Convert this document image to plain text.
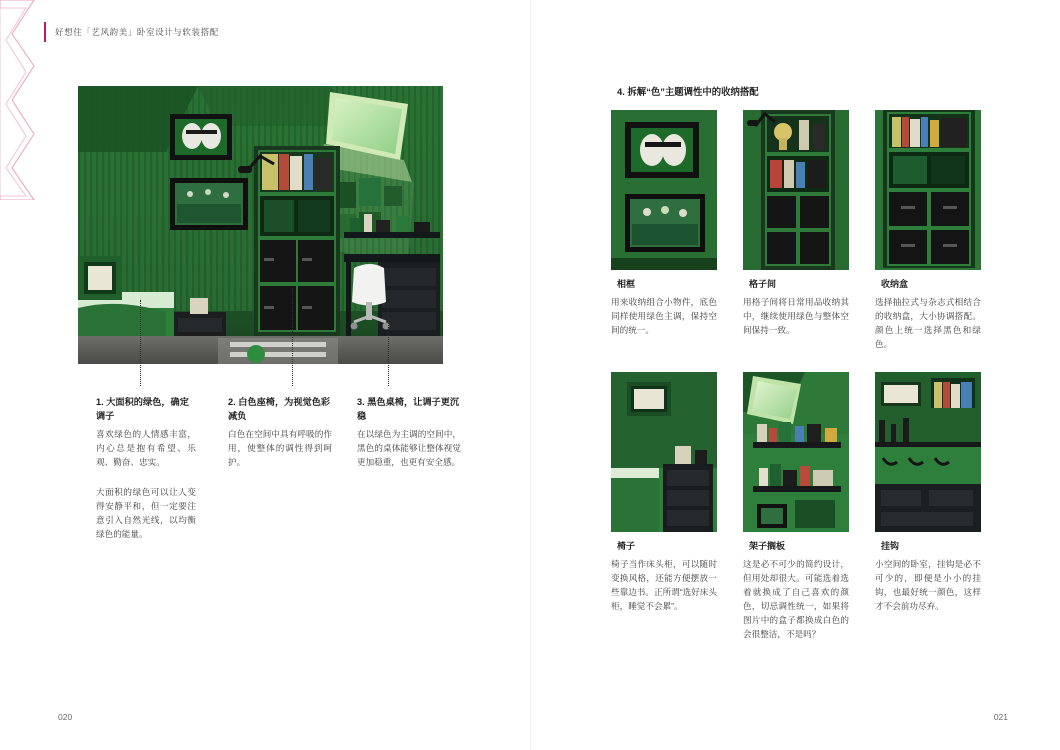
好想住「艺风韵美」卧室设计与软装搭配
1. 大面积的绿色，确定调子
喜欢绿色的人情感丰富，内心总是抱有希望、乐观、勤奋、忠实。
大面积的绿色可以让人变得安静平和，但一定要注意引入自然光线，以均衡绿色的能量。
2. 白色座椅，为视觉色彩减负
白色在空间中具有呼吸的作用，使整体的调性得到呵护。
3. 黑色桌椅，让调子更沉稳
在以绿色为主调的空间中，黑色的桌体能够让整体视觉更加稳重，也更有安全感。
020
4. 拆解“色”主题调性中的收纳搭配
相框
用来收纳组合小物件，底色同样使用绿色主调，保持空间的统一。
格子间
用格子间将日常用品收纳其中，继续使用绿色与整体空间保持一致。
收纳盒
选择抽拉式与杂志式相结合的收纳盒，大小协调搭配。颜色上统一选择黑色和绿色。
椅子
椅子当作床头柜，可以随时变换风格，还能方便摆放一些靠边书。正所谓“选好床头柜，睡觉不会累”。
架子搁板
这是必不可少的简约设计，但用处却很大。可能选着选着就换成了自己喜欢的颜色，切忌调性统一，如果将图片中的盒子都换成白色的会很整洁，不是吗？
挂钩
小空间的卧室，挂钩是必不可少的，即便是小小的挂钩，也最好统一颜色，这样才不会前功尽弃。
021
